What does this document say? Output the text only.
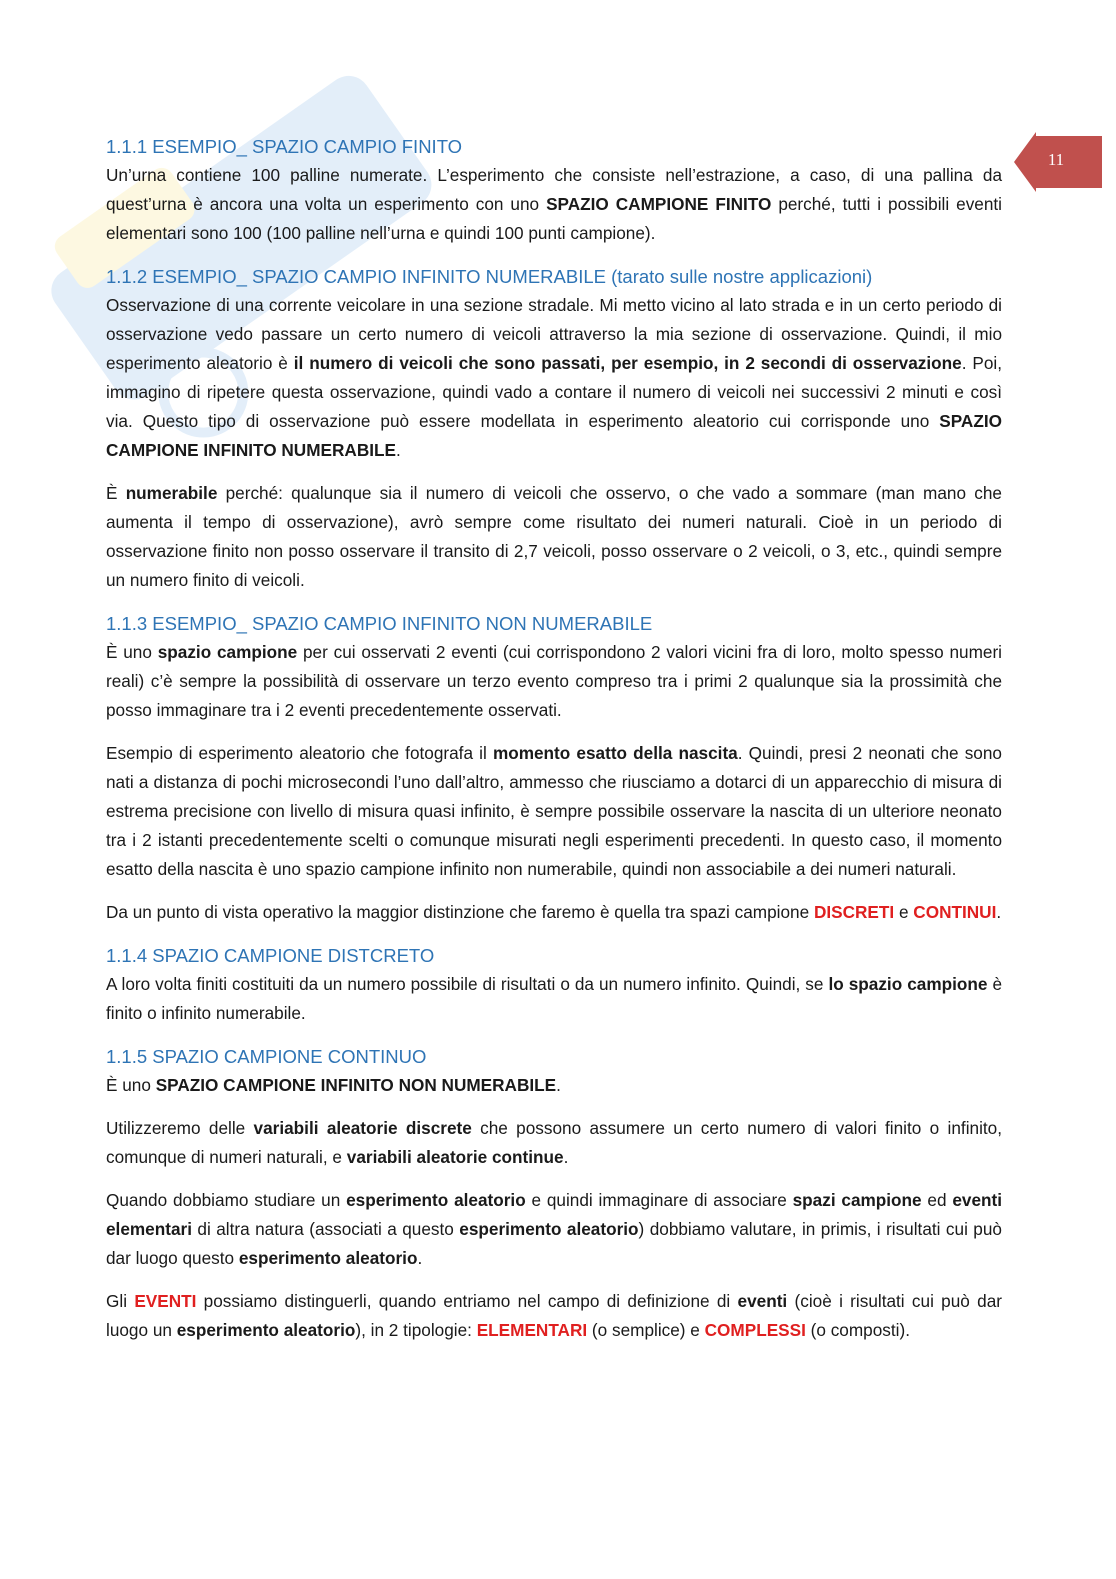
11
1.1.1 ESEMPIO_ SPAZIO CAMPIO FINITO

Un’urna contiene 100 palline numerate. L’esperimento che consiste nell’estrazione, a caso, di una pallina da quest’urna è ancora una volta un esperimento con uno SPAZIO CAMPIONE FINITO perché, tutti i possibili eventi elementari sono 100 (100 palline nell’urna e quindi 100 punti campione).

1.1.2 ESEMPIO_ SPAZIO CAMPIO INFINITO NUMERABILE (tarato sulle nostre applicazioni)

Osservazione di una corrente veicolare in una sezione stradale. Mi metto vicino al lato strada e in un certo periodo di osservazione vedo passare un certo numero di veicoli attraverso la mia sezione di osservazione. Quindi, il mio esperimento aleatorio è il numero di veicoli che sono passati, per esempio, in 2 secondi di osservazione. Poi, immagino di ripetere questa osservazione, quindi vado a contare il numero di veicoli nei successivi 2 minuti e così via. Questo tipo di osservazione può essere modellata in esperimento aleatorio cui corrisponde uno SPAZIO CAMPIONE INFINITO NUMERABILE.

È numerabile perché: qualunque sia il numero di veicoli che osservo, o che vado a sommare (man mano che aumenta il tempo di osservazione), avrò sempre come risultato dei numeri naturali. Cioè in un periodo di osservazione finito non posso osservare il transito di 2,7 veicoli, posso osservare o 2 veicoli, o 3, etc., quindi sempre un numero finito di veicoli.

1.1.3 ESEMPIO_ SPAZIO CAMPIO INFINITO NON NUMERABILE

È uno spazio campione per cui osservati 2 eventi (cui corrispondono 2 valori vicini fra di loro, molto spesso numeri reali) c’è sempre la possibilità di osservare un terzo evento compreso tra i primi 2 qualunque sia la prossimità che posso immaginare tra i 2 eventi precedentemente osservati.

Esempio di esperimento aleatorio che fotografa il momento esatto della nascita. Quindi, presi 2 neonati che sono nati a distanza di pochi microsecondi l’uno dall’altro, ammesso che riusciamo a dotarci di un apparecchio di misura di estrema precisione con livello di misura quasi infinito, è sempre possibile osservare la nascita di un ulteriore neonato tra i 2 istanti precedentemente scelti o comunque misurati negli esperimenti precedenti. In questo caso, il momento esatto della nascita è uno spazio campione infinito non numerabile, quindi non associabile a dei numeri naturali.

Da un punto di vista operativo la maggior distinzione che faremo è quella tra spazi campione DISCRETI e CONTINUI.

1.1.4 SPAZIO CAMPIONE DISTCRETO

A loro volta finiti costituiti da un numero possibile di risultati o da un numero infinito. Quindi, se lo spazio campione è finito o infinito numerabile.

1.1.5 SPAZIO CAMPIONE CONTINUO

È uno SPAZIO CAMPIONE INFINITO NON NUMERABILE.

Utilizzeremo delle variabili aleatorie discrete che possono assumere un certo numero di valori finito o infinito, comunque di numeri naturali, e variabili aleatorie continue.

Quando dobbiamo studiare un esperimento aleatorio e quindi immaginare di associare spazi campione ed eventi elementari di altra natura (associati a questo esperimento aleatorio) dobbiamo valutare, in primis, i risultati cui può dar luogo questo esperimento aleatorio.

Gli EVENTI possiamo distinguerli, quando entriamo nel campo di definizione di eventi (cioè i risultati cui può dar luogo un esperimento aleatorio), in 2 tipologie: ELEMENTARI (o semplice) e COMPLESSI (o composti).
